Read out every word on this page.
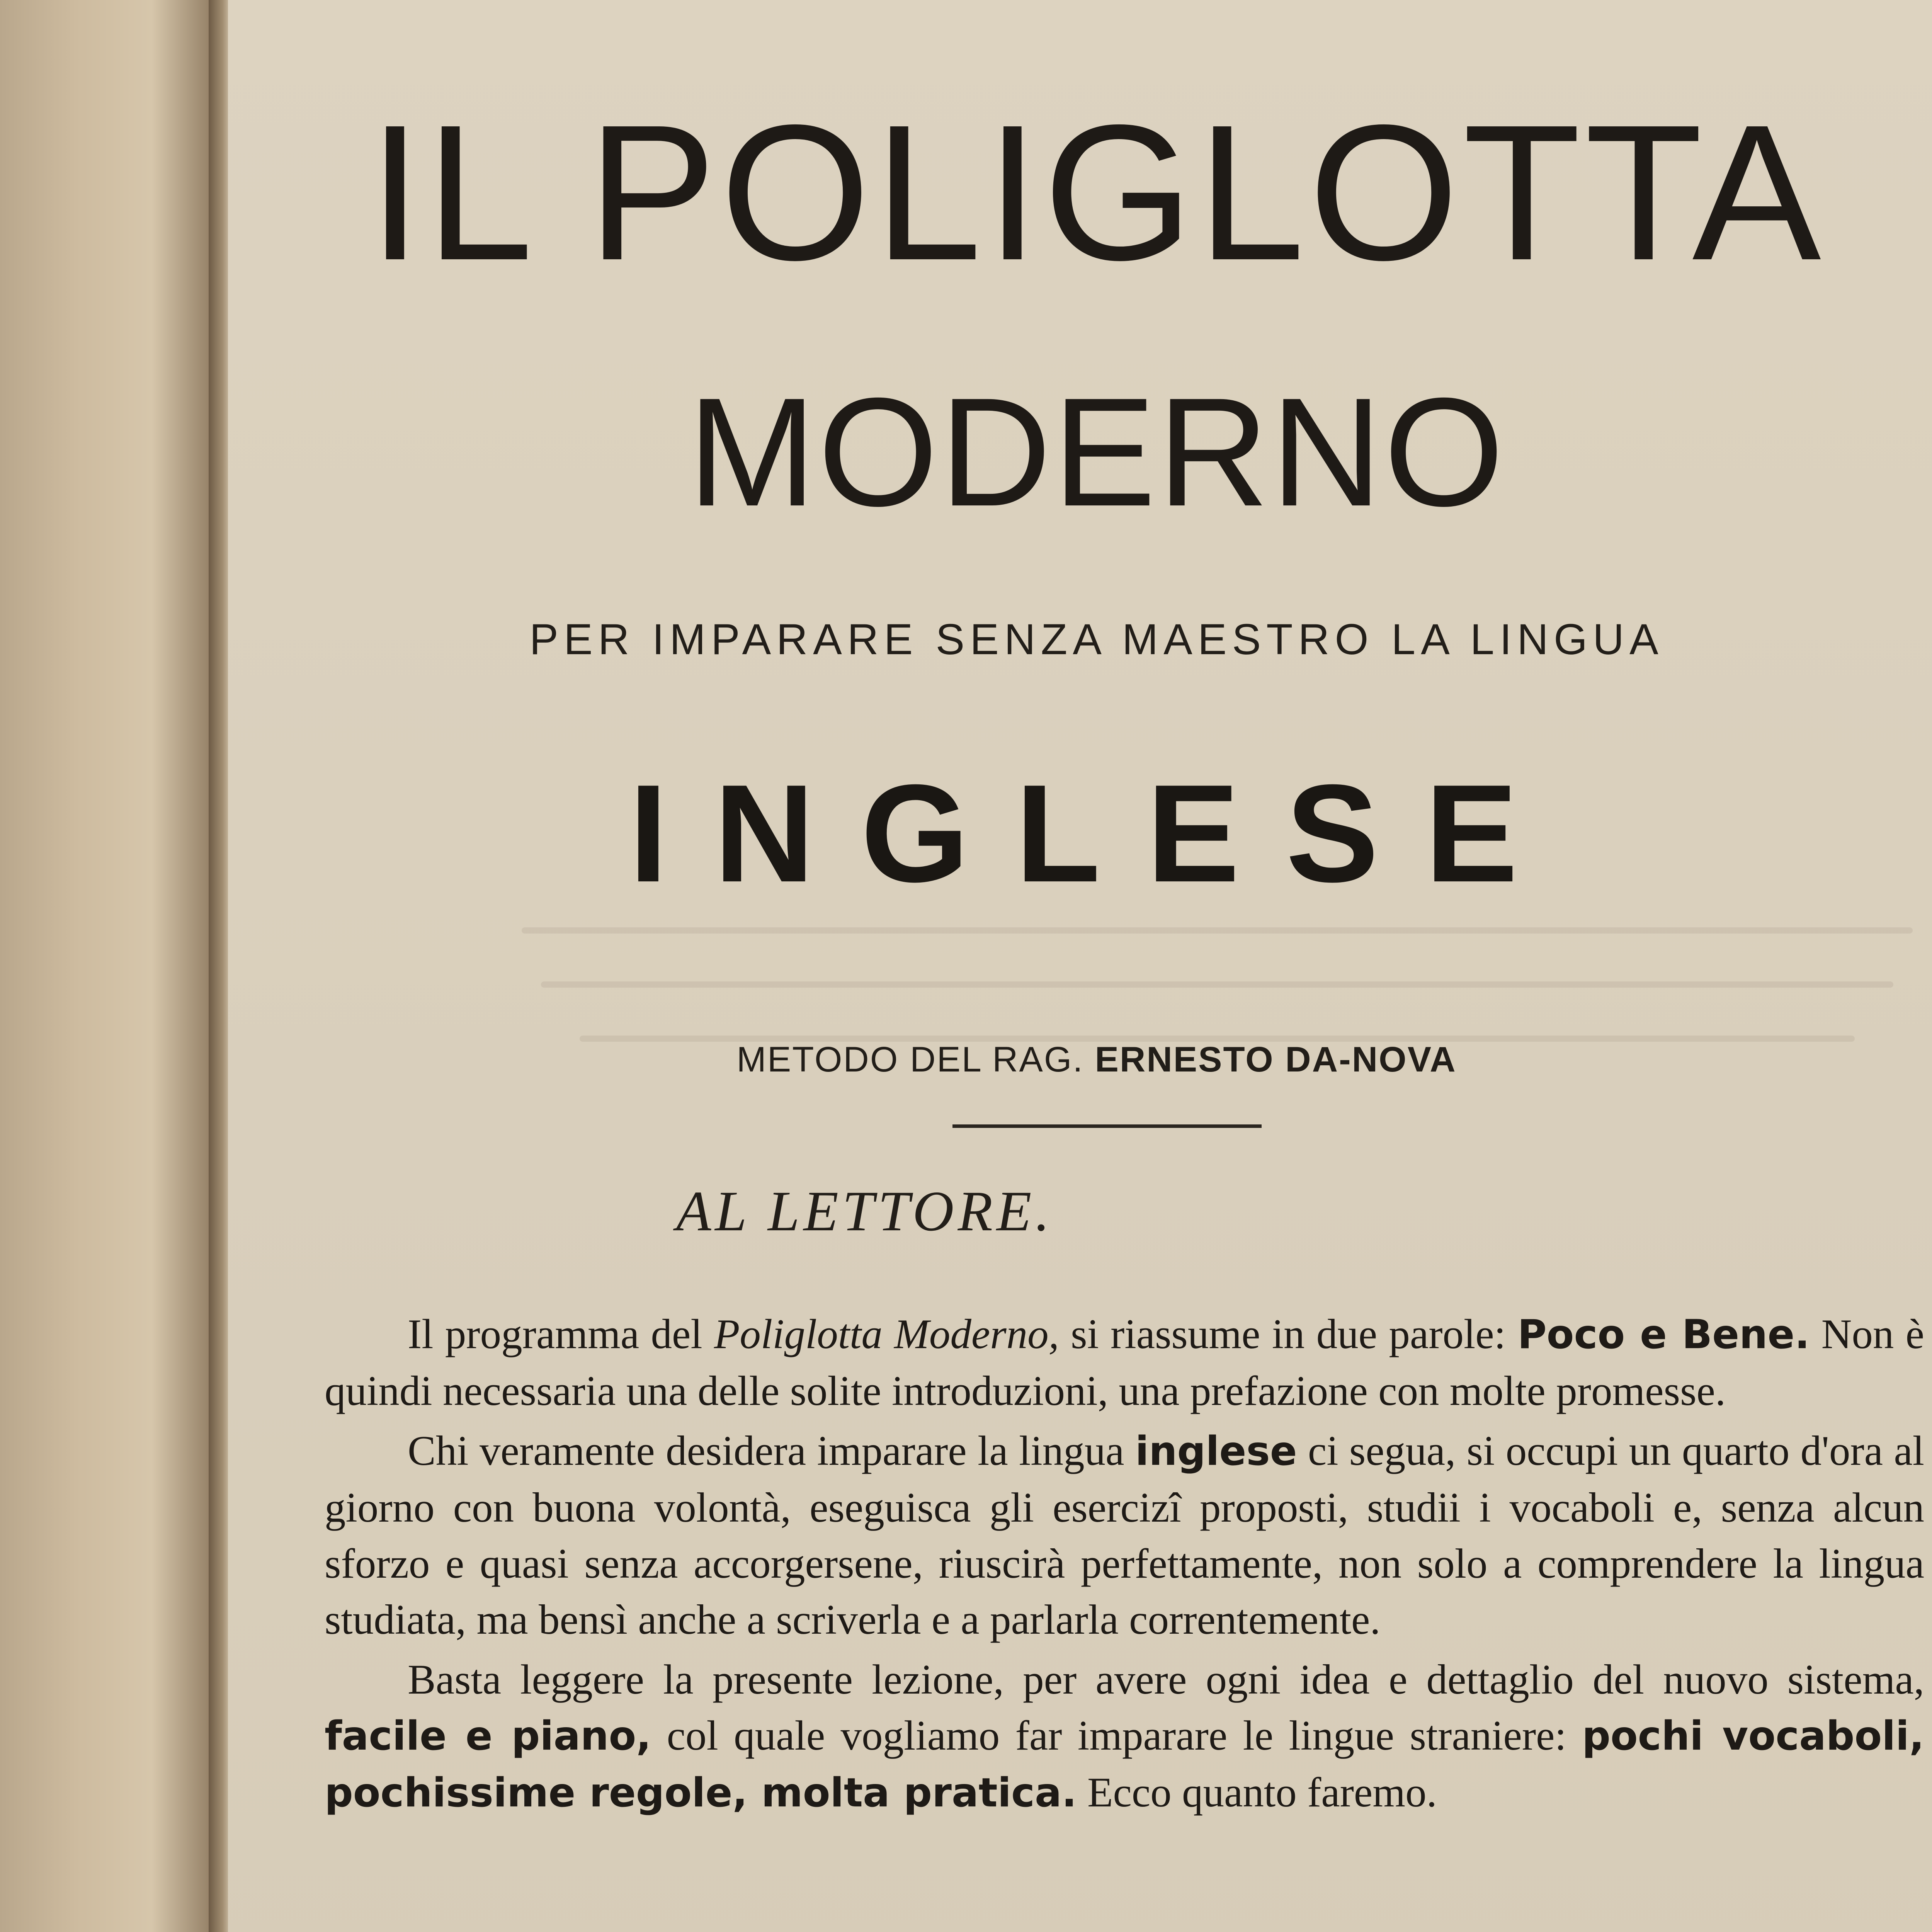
IL POLIGLOTTA
MODERNO
PER IMPARARE SENZA MAESTRO LA LINGUA
INGLESE
METODO DEL RAG. ERNESTO DA-NOVA
AL LETTORE.

Il programma del Poliglotta Moderno, si riassume in due parole: Poco e Bene. Non è quindi necessaria una delle solite introduzioni, una prefazione con molte promesse.

Chi veramente desidera imparare la lingua inglese ci segua, si occupi un quarto d'ora al giorno con buona volontà, eseguisca gli esercizî proposti, studii i vocaboli e, senza alcun sforzo e quasi senza accorgersene, riuscirà perfettamente, non solo a comprendere la lingua studiata, ma bensì anche a scriverla e a parlarla correntemente.

Basta leggere la presente lezione, per avere ogni idea e dettaglio del nuovo sistema, facile e piano, col quale vogliamo far imparare le lingue straniere: pochi vocaboli, pochissime regole, molta pratica. Ecco quanto faremo.
